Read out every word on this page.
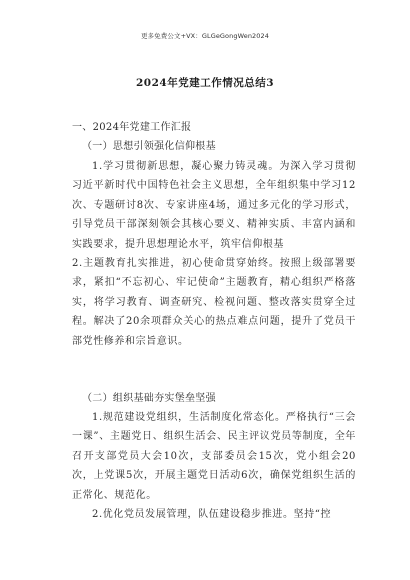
更多免费公文+VX：GLGeGongWen2024
2024年党建工作情况总结3
一、2024年党建工作汇报
（一）思想引领强化信仰根基
1.学习贯彻新思想，凝心聚力铸灵魂。为深入学习贯彻习近平新时代中国特色社会主义思想，全年组织集中学习12次、专题研讨8次、专家讲座4场，通过多元化的学习形式，引导党员干部深刻领会其核心要义、精神实质、丰富内涵和实践要求，提升思想理论水平，筑牢信仰根基
2.主题教育扎实推进，初心使命贯穿始终。按照上级部署要求，紧扣“不忘初心、牢记使命”主题教育，精心组织严格落实，将学习教育、调查研究、检视问题、整改落实贯穿全过程。解决了20余项群众关心的热点难点问题，提升了党员干部党性修养和宗旨意识。
（二）组织基础夯实堡垒坚强
1.规范建设党组织，生活制度化常态化。严格执行“三会一课”、主题党日、组织生活会、民主评议党员等制度，全年召开支部党员大会10次，支部委员会15次，党小组会20次，上党课5次，开展主题党日活动6次，确保党组织生活的正常化、规范化。
2.优化党员发展管理，队伍建设稳步推进。坚持“控
